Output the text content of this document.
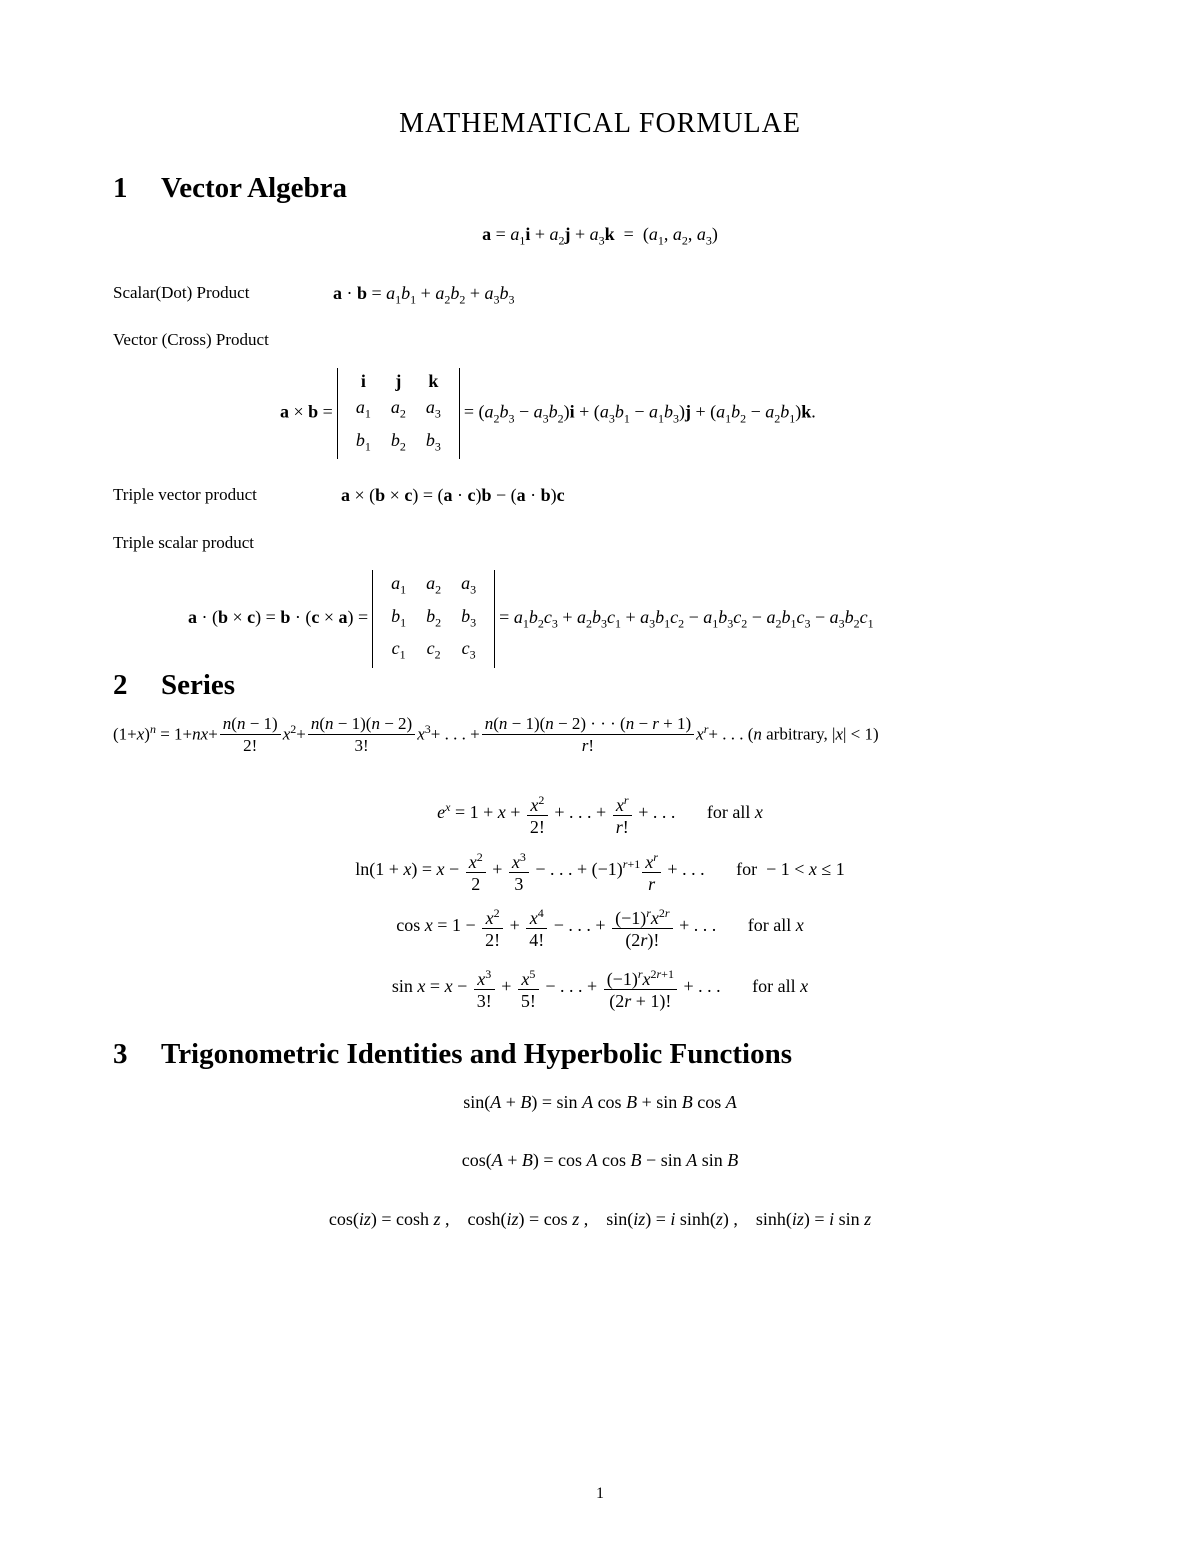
MATHEMATICAL FORMULAE
1 Vector Algebra
$a = a_1i + a_2j + a_3k = (a_1$, $a_2$, $a_3$)
Scalar(Dot) Product	$a \cdot b = a_1b_1 + a_2b_2 + a_3b_3$
Vector (Cross) Product
a × b =
i	j	k
$a_1$	$a_2$	$a_3$
$b_1$	$b_2$	$b_3$
= $(a_2b_3 - a_3b_2)i + (a_3b_1 - a_1b_3)j + (a_1b_2 - a_2b_1)k$.
Triple vector product	a × (b × c) = (a · c)b − (a · b)c
Triple scalar product
a · (b × c) = b · (c × a) =
$a_1$	$a_2$	$a_3$
$b_1$	$b_2$	$b_3$
$c_1$	$c_2$	$c_3$
= $a_1b_2c_3 + a_2b_3c_1 + a_3b_1c_2 - a_1b_3c_2 - a_2b_1c_3 - a_3b_2c_1$
2 Series
$(1+x)^n = 1+nx+ \frac{n(n - 1)}{2!} x^2+ \frac{n(n - 1)(n - 2)}{3!} x^3+$ . . . + $\frac{n(n - 1)(n - 2) \cdot \cdot \cdot (n - r + 1)}{r!} x^r+$ . . . (n arbitrary, |x| < 1)
$e^x = 1 + x + \frac{x^2}{2!}$ + . . . + $\frac{x^r}{r!}$ + . . .       for all x
$\ln(1 + x) = x - \frac{x^2}{2} + \frac{x^3}{3}$ − . . . + $(-1)^{r+1} \frac{x^r}{r}$ + . . .       for  − 1 < x ≤ 1
$\cos x = 1 - \frac{x^2}{2!} + \frac{x^4}{4!}$ − . . . + $\frac{(-1)^rx^{2r}}{(2r)!}$ + . . .       for all x
$\sin x = x - \frac{x^3}{3!} + \frac{x^5}{5!}$ − . . . + $\frac{(-1)^rx^{2r+1}}{(2r + 1)!}$ + . . .       for all x
3 Trigonometric Identities and Hyperbolic Functions
sin(A + B) = sin A cos B + sin B cos A
cos(A + B) = cos A cos B − sin A sin B
cos(iz) = cosh z ,    cosh(iz) = cos z ,    sin(iz) = i sinh(z) ,    sinh(iz) = i sin z
1
